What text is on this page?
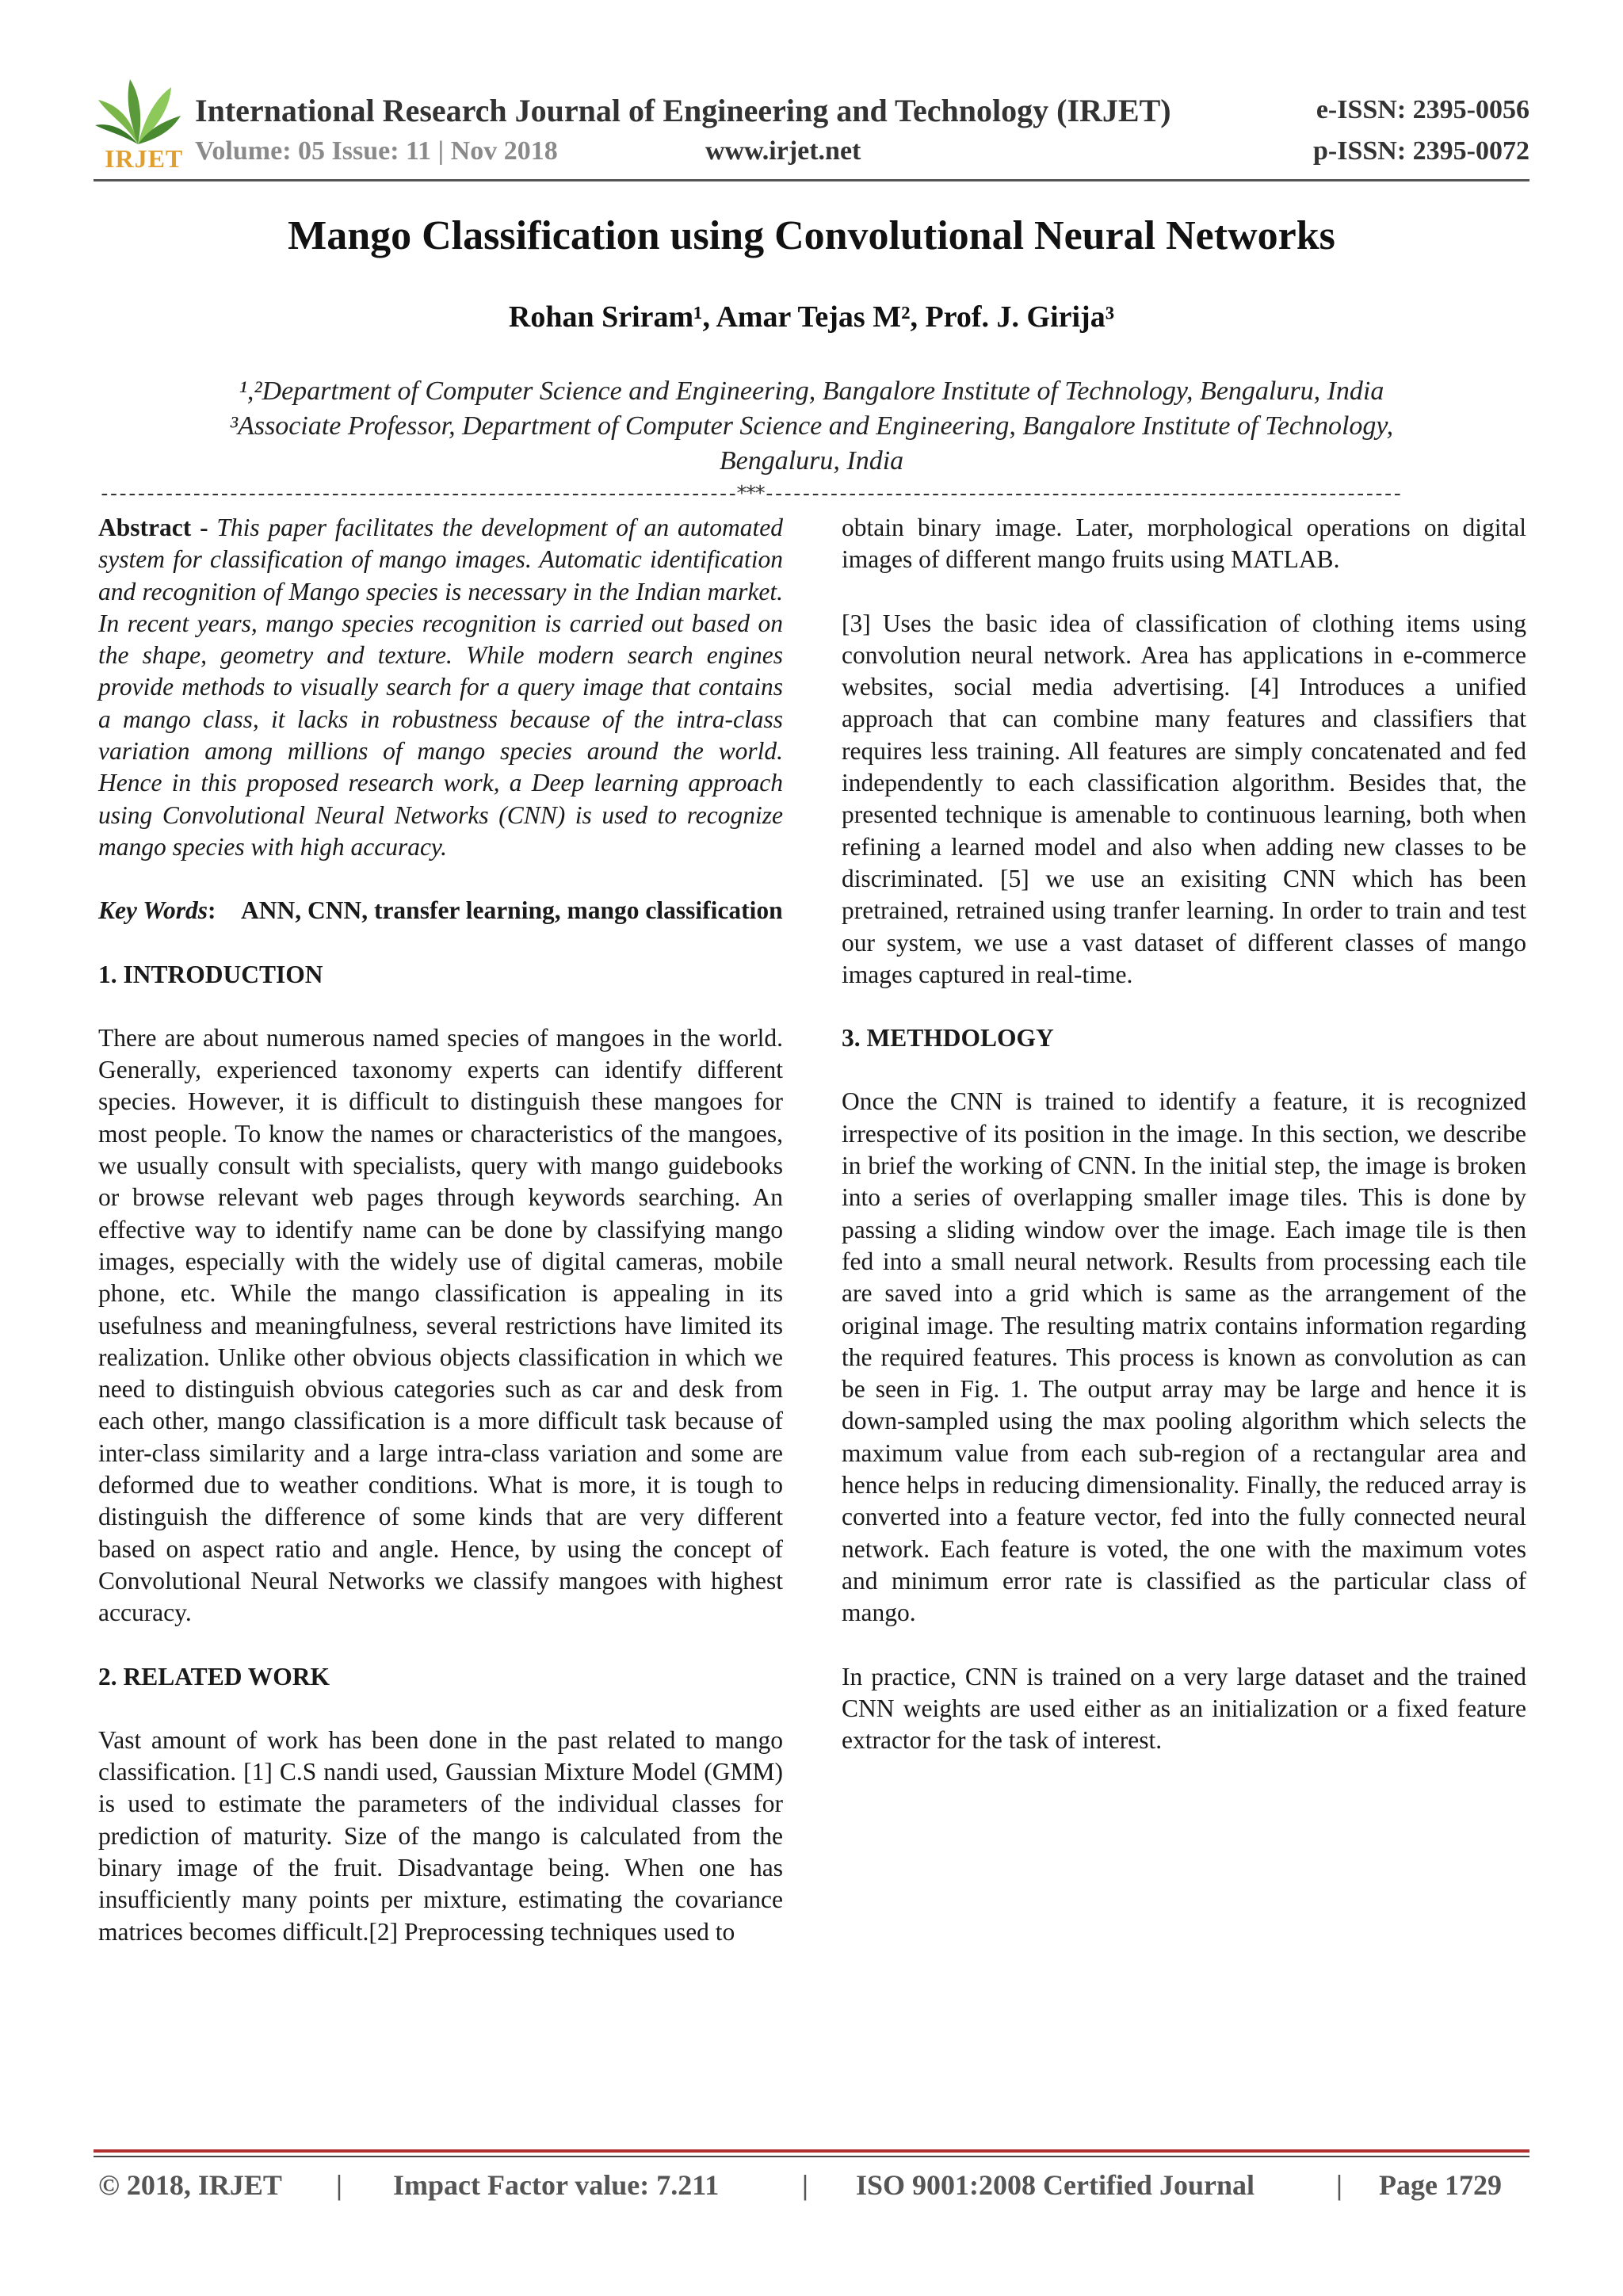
IRJET
International Research Journal of Engineering and Technology (IRJET)
Volume: 05 Issue: 11 | Nov 2018	www.irjet.net
e-ISSN: 2395-0056
p-ISSN: 2395-0072
Mango Classification using Convolutional Neural Networks
Rohan Sriram¹, Amar Tejas M², Prof. J. Girija³
¹,²Department of Computer Science and Engineering, Bangalore Institute of Technology, Bengaluru, India
³Associate Professor, Department of Computer Science and Engineering, Bangalore Institute of Technology,
Bengaluru, India
---------------------------------------------------------------------***---------------------------------------------------------------------

Abstract - This paper facilitates the development of an automated system for classification of mango images. Automatic identification and recognition of Mango species is necessary in the Indian market. In recent years, mango species recognition is carried out based on the shape, geometry and texture. While modern search engines provide methods to visually search for a query image that contains a mango class, it lacks in robustness because of the intra-class variation among millions of mango species around the world. Hence in this proposed research work, a Deep learning approach using Convolutional Neural Networks (CNN) is used to recognize mango species with high accuracy.

Key Words:    ANN, CNN, transfer learning, mango classification

1. INTRODUCTION

There are about numerous named species of mangoes in the world. Generally, experienced taxonomy experts can identify different species. However, it is difficult to distinguish these mangoes for most people. To know the names or characteristics of the mangoes, we usually consult with specialists, query with mango guidebooks or browse relevant web pages through keywords searching. An effective way to identify name can be done by classifying mango images, especially with the widely use of digital cameras, mobile phone, etc. While the mango classification is appealing in its usefulness and meaningfulness, several restrictions have limited its realization. Unlike other obvious objects classification in which we need to distinguish obvious categories such as car and desk from each other, mango classification is a more difficult task because of inter-class similarity and a large intra-class variation and some are deformed due to weather conditions. What is more, it is tough to distinguish the difference of some kinds that are very different based on aspect ratio and angle. Hence, by using the concept of Convolutional Neural Networks we classify mangoes with highest accuracy.

2. RELATED WORK

Vast amount of work has been done in the past related to mango classification. [1] C.S nandi used, Gaussian Mixture Model (GMM) is used to estimate the parameters of the individual classes for prediction of maturity. Size of the mango is calculated from the binary image of the fruit. Disadvantage being. When one has insufficiently many points per mixture, estimating the covariance matrices becomes difficult.[2] Preprocessing techniques used to

obtain binary image. Later, morphological operations on digital images of different mango fruits using MATLAB.

[3] Uses the basic idea of classification of clothing items using convolution neural network. Area has applications in e-commerce websites, social media advertising. [4] Introduces a unified approach that can combine many features and classifiers that requires less training. All features are simply concatenated and fed independently to each classification algorithm. Besides that, the presented technique is amenable to continuous learning, both when refining a learned model and also when adding new classes to be discriminated. [5] we use an exisiting CNN which has been pretrained, retrained using tranfer learning. In order to train and test our system, we use a vast dataset of different classes of mango images captured in real-time.

3. METHDOLOGY

Once the CNN is trained to identify a feature, it is recognized irrespective of its position in the image. In this section, we describe in brief the working of CNN. In the initial step, the image is broken into a series of overlapping smaller image tiles. This is done by passing a sliding window over the image. Each image tile is then fed into a small neural network. Results from processing each tile are saved into a grid which is same as the arrangement of the original image. The resulting matrix contains information regarding the required features. This process is known as convolution as can be seen in Fig. 1. The output array may be large and hence it is down-sampled using the max pooling algorithm which selects the maximum value from each sub-region of a rectangular area and hence helps in reducing dimensionality. Finally, the reduced array is converted into a feature vector, fed into the fully connected neural network. Each feature is voted, the one with the maximum votes and minimum error rate is classified as the particular class of mango.

In practice, CNN is trained on a very large dataset and the trained CNN weights are used either as an initialization or a fixed feature extractor for the task of interest.

© 2018, IRJET | Impact Factor value: 7.211	| ISO 9001:2008 Certified Journal	| Page 1729
